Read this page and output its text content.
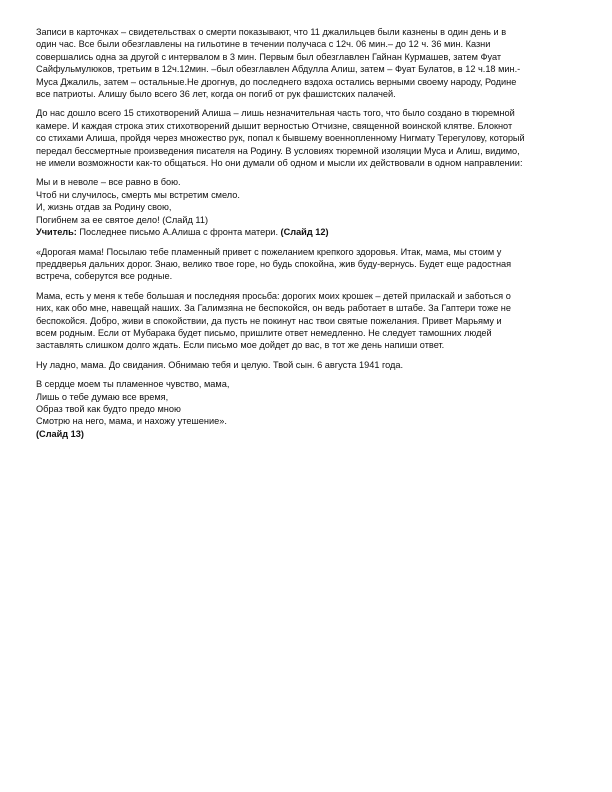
Записи в карточках – свидетельствах о смерти показывают, что 11 джалильцев были казнены в один день и в
один час. Все были обезглавлены на гильотине в течении получаса с 12ч. 06 мин.– до 12 ч. 36 мин. Казни
совершались одна за другой с интервалом в 3 мин. Первым был обезглавлен Гайнан Курмашев, затем Фуат
Сайфульмулюков, третьим в 12ч.12мин. –был обезглавлен Абдулла Алиш, затем – Фуат Булатов, в 12 ч.18 мин.-
Муса Джалиль, затем – остальные.Не дрогнув, до последнего вздоха остались верными своему народу, Родине
все патриоты. Алишу было всего 36 лет, когда он погиб от рук фашистских палачей.
До нас дошло всего 15 стихотворений Алиша – лишь незначительная часть того, что было создано в тюремной
камере. И каждая строка этих стихотворений дышит верностью Отчизне, священной воинской клятве. Блокнот
со стихами Алиша, пройдя через множество рук, попал к бывшему военнопленному Нигмату Терегулову, который
передал бессмертные произведения писателя на Родину. В условиях тюремной изоляции Муса и Алиш, видимо,
не имели возможности как-то общаться. Но они думали об одном и мысли их действовали в одном направлении:
Мы и в неволе – все равно в бою.
Чтоб ни случилось, смерть мы встретим смело.
И, жизнь отдав за Родину свою,
Погибнем за ее святое дело! (Слайд 11)
Учитель: Последнее письмо А.Алиша с фронта матери. (Слайд 12)
«Дорогая мама! Посылаю тебе пламенный привет с пожеланием крепкого здоровья. Итак, мама, мы стоим у
преддверья дальних дорог. Знаю, велико твое горе, но будь спокойна, жив буду-вернусь. Будет еще радостная
встреча, соберутся все родные.
Мама, есть у меня к тебе большая и последняя просьба: дорогих моих крошек – детей приласкай и заботься о
них, как обо мне, навещай наших. За Галимзяна не беспокойся, он ведь работает в штабе. За Гаптери тоже не
беспокойся. Добро, живи в спокойствии, да пусть не покинут нас твои святые пожелания. Привет Марьяму и
всем родным. Если от Мубарака будет письмо, пришлите ответ немедленно. Не следует тамошних людей
заставлять слишком долго ждать. Если письмо мое дойдет до вас, в тот же день напиши ответ.
Ну ладно, мама. До свидания. Обнимаю тебя и целую. Твой сын. 6 августа 1941 года.
В сердце моем ты пламенное чувство, мама,
Лишь о тебе думаю все время,
Образ твой как будто предо мною
Смотрю на него, мама, и нахожу утешение».
(Слайд 13)
